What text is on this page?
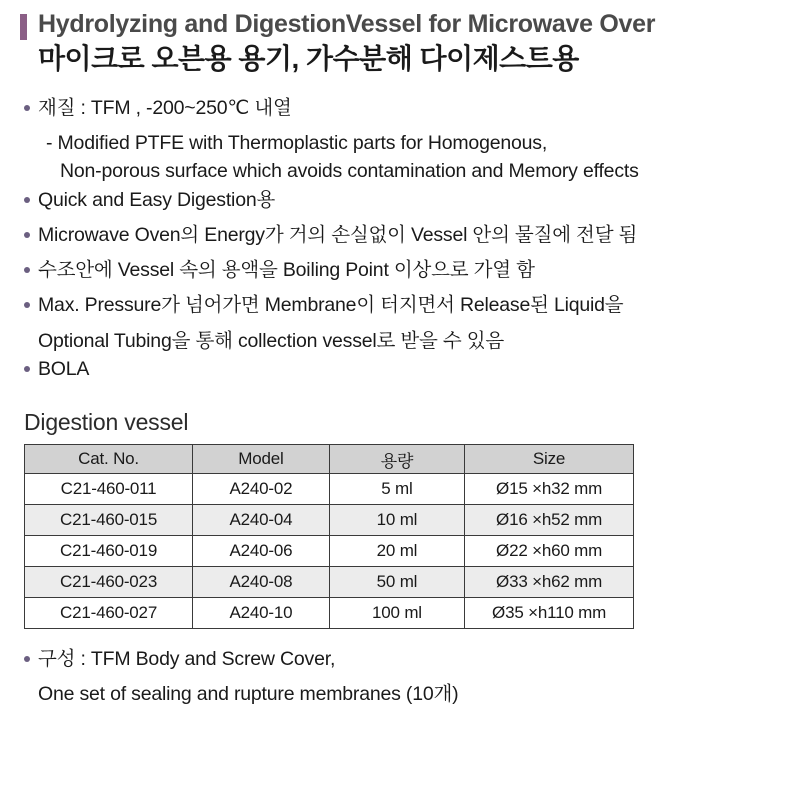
Hydrolyzing and DigestionVessel for Microwave Over
마이크로 오븐용 용기, 가수분해 다이제스트용
재질 : TFM , -200~250℃ 내열
- Modified PTFE with Thermoplastic parts for Homogenous,
Non-porous surface which avoids contamination and Memory effects
Quick and Easy Digestion용
Microwave Oven의 Energy가 거의 손실없이 Vessel 안의 물질에 전달 됨
수조안에 Vessel 속의 용액을 Boiling Point 이상으로 가열 함
Max. Pressure가 넘어가면 Membrane이 터지면서 Release된 Liquid을
Optional Tubing을 통해 collection vessel로 받을 수 있음
BOLA
Digestion vessel
Cat. No.	Model	용량	Size
C21-460-011	A240-02	5 ml	Ø15 ×h32 mm
C21-460-015	A240-04	10 ml	Ø16 ×h52 mm
C21-460-019	A240-06	20 ml	Ø22 ×h60 mm
C21-460-023	A240-08	50 ml	Ø33 ×h62 mm
C21-460-027	A240-10	100 ml	Ø35 ×h110 mm
구성 : TFM Body and Screw Cover,
One set of sealing and rupture membranes (10개)
